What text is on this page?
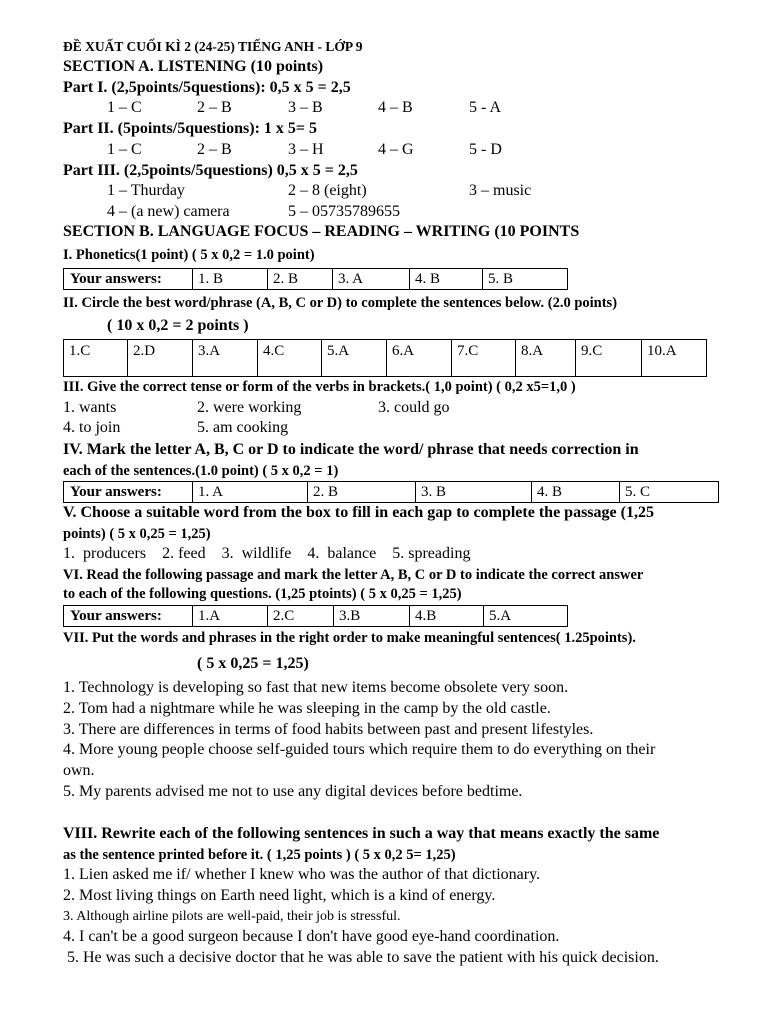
ĐỀ XUẤT CUỐI KÌ 2 (24-25) TIẾNG ANH - LỚP 9
SECTION A. LISTENING (10 points)
Part I. (2,5points/5questions): 0,5 x 5 = 2,5
1 – C	2 – B	3 – B	4 – B	5 - A
Part II. (5points/5questions): 1 x 5= 5
1 – C	2 – B	3 – H	4 – G	5 - D
Part III. (2,5points/5questions) 0,5 x 5 = 2,5
1 – Thurday	2 – 8 (eight)	3 – music
4 – (a new) camera	5 – 05735789655
SECTION B. LANGUAGE FOCUS – READING – WRITING (10 POINTS
I. Phonetics(1 point) ( 5 x 0,2 = 1.0 point)
Your answers:	1. B	2. B	3. A	4. B	5. B
II. Circle the best word/phrase (A, B, C or D) to complete the sentences below. (2.0 points)
( 10 x 0,2 = 2 points )
1.C	2.D	3.A	4.C	5.A	6.A	7.C	8.A	9.C	10.A
III. Give the correct tense or form of the verbs in brackets.( 1,0 point) ( 0,2 x5=1,0 )
1. wants	2. were working	3. could go
4. to join	5. am cooking
IV. Mark the letter A, B, C or D to indicate the word/ phrase that needs correction in
each of the sentences.(1.0 point) ( 5 x 0,2 = 1)
Your answers:	1. A	2. B	3. B	4. B	5. C
V. Choose a suitable word from the box to fill in each gap to complete the passage (1,25
points) ( 5 x 0,25 = 1,25)
1.  producers    2. feed    3.  wildlife    4.  balance    5. spreading
VI. Read the following passage and mark the letter A, B, C or D to indicate the correct answer
to each of the following questions. (1,25 ptoints) ( 5 x 0,25 = 1,25)
Your answers:	1.A	2.C	3.B	4.B	5.A
VII. Put the words and phrases in the right order to make meaningful sentences( 1.25points).
( 5 x 0,25 = 1,25)
1. Technology is developing so fast that new items become obsolete very soon.
2. Tom had a nightmare while he was sleeping in the camp by the old castle.
3. There are differences in terms of food habits between past and present lifestyles.
4. More young people choose self-guided tours which require them to do everything on their
own.
5. My parents advised me not to use any digital devices before bedtime.
VIII. Rewrite each of the following sentences in such a way that means exactly the same
as the sentence printed before it. ( 1,25 points ) ( 5 x 0,2 5= 1,25)
1. Lien asked me if/ whether I knew who was the author of that dictionary.
2. Most living things on Earth need light, which is a kind of energy.
3. Although airline pilots are well-paid, their job is stressful.
4. I can't be a good surgeon because I don't have good eye-hand coordination.
5. He was such a decisive doctor that he was able to save the patient with his quick decision.
